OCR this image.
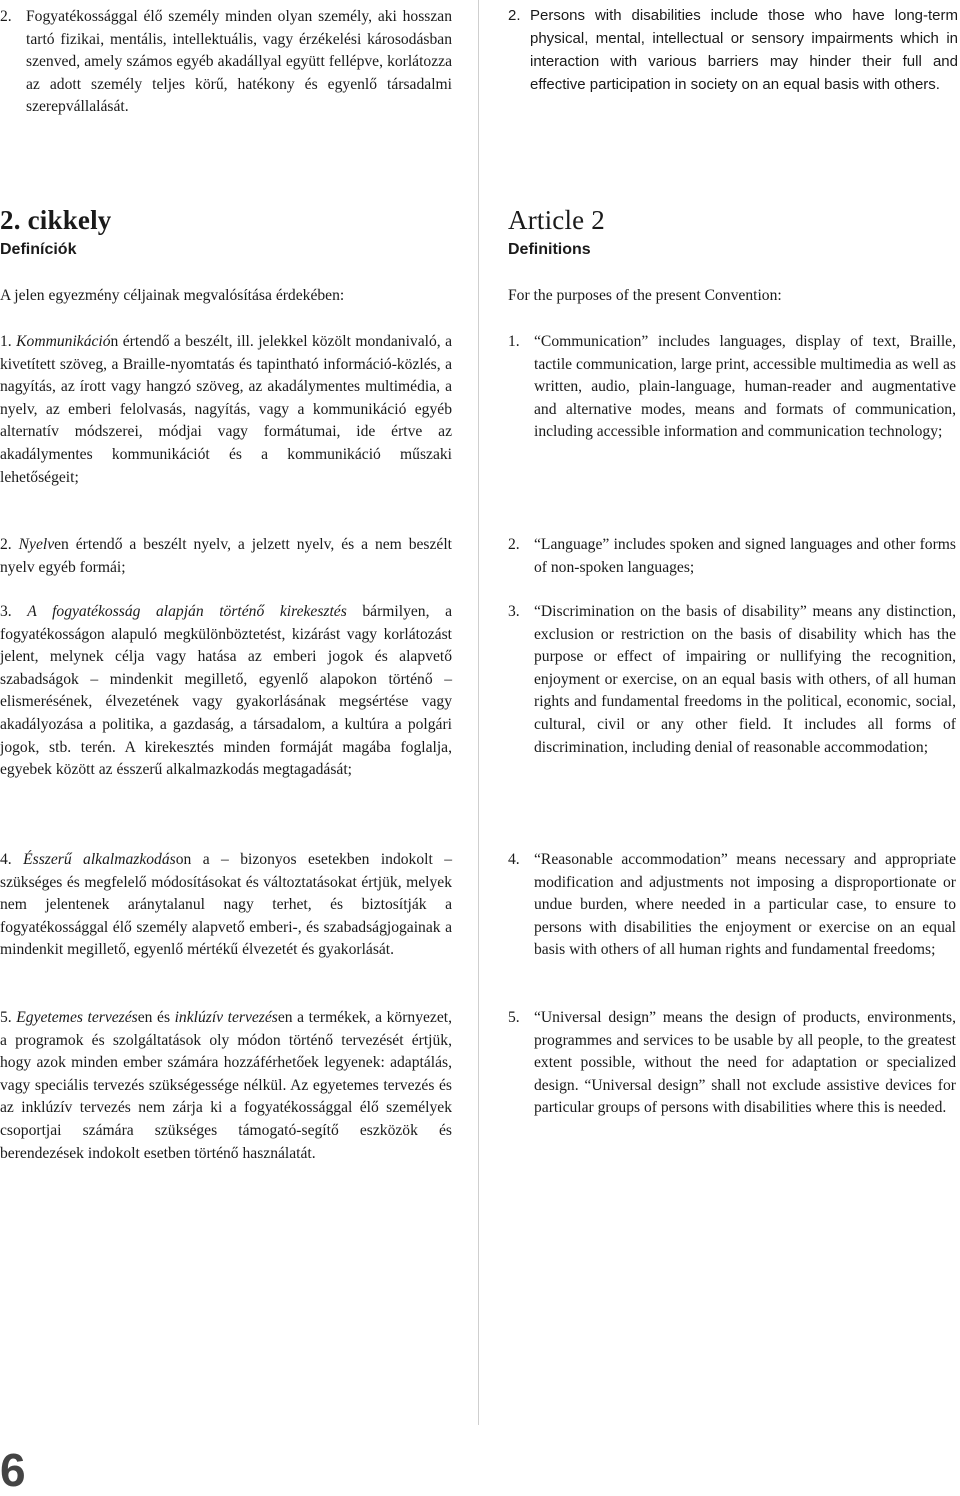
2. Fogyatékossággal élő személy minden olyan személy, aki hosszan tartó fizikai, mentális, intellektuális, vagy érzékelési károsodásban szenved, amely számos egyéb akadállyal együtt fellépve, korlátozza az adott személy teljes körű, hatékony és egyenlő társadalmi szerepvállalását.
2. cikkely
Definíciók
A jelen egyezmény céljainak megvalósítása érdekében:
1. Kommunikáción értendő a beszélt, ill. jelekkel közölt mondanivaló, a kivetített szöveg, a Braille-nyomtatás és tapintható információ-közlés, a nagyítás, az írott vagy hangzó szöveg, az akadálymentes multimédia, a nyelv, az emberi felolvasás, nagyítás, vagy a kommunikáció egyéb alternatív módszerei, módjai vagy formátumai, ide értve az akadálymentes kommunikációt és a kommunikáció műszaki lehetőségeit;
2. Nyelven értendő a beszélt nyelv, a jelzett nyelv, és a nem beszélt nyelv egyéb formái;
3. A fogyatékosság alapján történő kirekesztés bármilyen, a fogyatékosságon alapuló megkülönböztetést, kizárást vagy korlátozást jelent, melynek célja vagy hatása az emberi jogok és alapvető szabadságok – mindenkit megillető, egyenlő alapokon történő – elismerésének, élvezetének vagy gyakorlásának megsértése vagy akadályozása a politika, a gazdaság, a társadalom, a kultúra a polgári jogok, stb. terén. A kirekesztés minden formáját magába foglalja, egyebek között az ésszerű alkalmazkodás megtagadását;
4. Ésszerű alkalmazkodáson a – bizonyos esetekben indokolt – szükséges és megfelelő módosításokat és változtatásokat értjük, melyek nem jelentenek aránytalanul nagy terhet, és biztosítják a fogyatékossággal élő személy alapvető emberi-, és szabadságjogainak a mindenkit megillető, egyenlő mértékű élvezetét és gyakorlását.
5. Egyetemes tervezésen és inklúzív tervezésen a termékek, a környezet, a programok és szolgáltatások oly módon történő tervezését értjük, hogy azok minden ember számára hozzáférhetőek legyenek: adaptálás, vagy speciális tervezés szükségessége nélkül. Az egyetemes tervezés és az inklúzív tervezés nem zárja ki a fogyatékossággal élő személyek csoportjai számára szükséges támogató-segítő eszközök és berendezések indokolt esetben történő használatát.
2. Persons with disabilities include those who have long-term physical, mental, intellectual or sensory impairments which in interaction with various barriers may hinder their full and effective participation in society on an equal basis with others.
Article 2
Definitions
For the purposes of the present Convention:
1. “Communication” includes languages, display of text, Braille, tactile communication, large print, accessible multimedia as well as written, audio, plain-language, human-reader and augmentative and alternative modes, means and formats of communication, including accessible information and communication technology;
2. “Language” includes spoken and signed languages and other forms of non-spoken languages;
3. “Discrimination on the basis of disability” means any distinction, exclusion or restriction on the basis of disability which has the purpose or effect of impairing or nullifying the recognition, enjoyment or exercise, on an equal basis with others, of all human rights and fundamental freedoms in the political, economic, social, cultural, civil or any other field. It includes all forms of discrimination, including denial of reasonable accommodation;
4. “Reasonable accommodation” means necessary and appropriate modification and adjustments not imposing a disproportionate or undue burden, where needed in a particular case, to ensure to persons with disabilities the enjoyment or exercise on an equal basis with others of all human rights and fundamental freedoms;
5. “Universal design” means the design of products, environments, programmes and services to be usable by all people, to the greatest extent possible, without the need for adaptation or specialized design. “Universal design” shall not exclude assistive devices for particular groups of persons with disabilities where this is needed.
6
